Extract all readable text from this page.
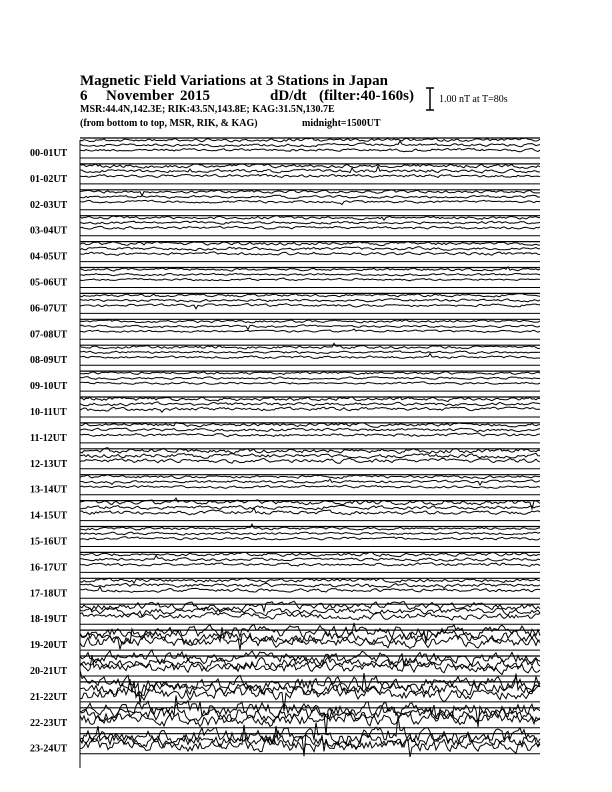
Magnetic Field Variations at 3 Stations in Japan
6 November 2015	dD/dt (filter:40-160s)
MSR:44.4N,142.3E; RIK:43.5N,143.8E; KAG:31.5N,130.7E
(from bottom to top, MSR, RIK, & KAG)	midnight=1500UT
1.00 nT at T=80s
00-01UT
01-02UT
02-03UT
03-04UT
04-05UT
05-06UT
06-07UT
07-08UT
08-09UT
09-10UT
10-11UT
11-12UT
12-13UT
13-14UT
14-15UT
15-16UT
16-17UT
17-18UT
18-19UT
19-20UT
20-21UT
21-22UT
22-23UT
23-24UT
